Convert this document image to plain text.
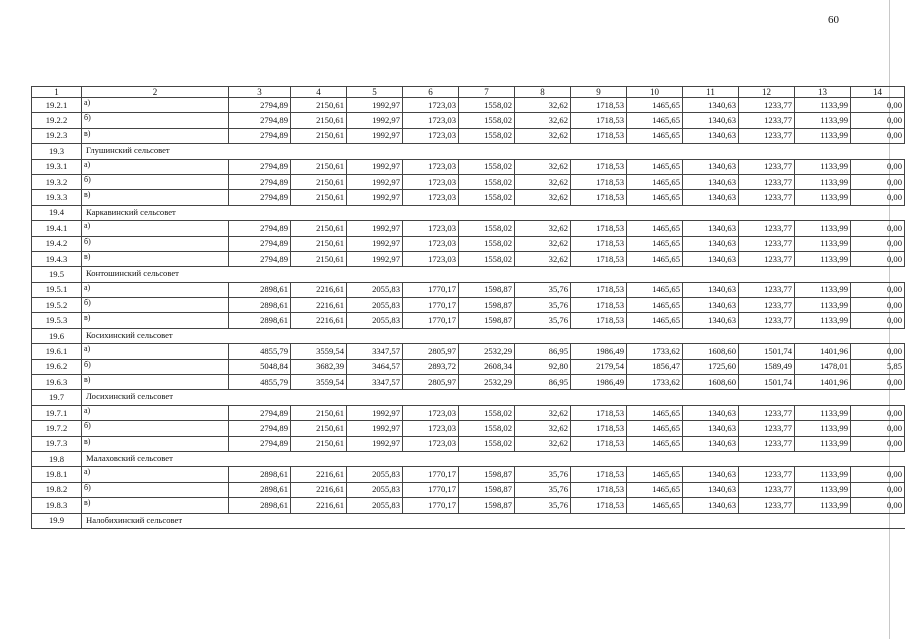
60
1	2	3	4	5	6	7	8	9	10	11	12	13	14
19.2.1	а)	2794,89	2150,61	1992,97	1723,03	1558,02	32,62	1718,53	1465,65	1340,63	1233,77	1133,99	0,00
19.2.2	б)	2794,89	2150,61	1992,97	1723,03	1558,02	32,62	1718,53	1465,65	1340,63	1233,77	1133,99	0,00
19.2.3	в)	2794,89	2150,61	1992,97	1723,03	1558,02	32,62	1718,53	1465,65	1340,63	1233,77	1133,99	0,00
19.3	Глушинский сельсовет												
19.3.1	а)	2794,89	2150,61	1992,97	1723,03	1558,02	32,62	1718,53	1465,65	1340,63	1233,77	1133,99	0,00
19.3.2	б)	2794,89	2150,61	1992,97	1723,03	1558,02	32,62	1718,53	1465,65	1340,63	1233,77	1133,99	0,00
19.3.3	в)	2794,89	2150,61	1992,97	1723,03	1558,02	32,62	1718,53	1465,65	1340,63	1233,77	1133,99	0,00
19.4	Каркавинский сельсовет												
19.4.1	а)	2794,89	2150,61	1992,97	1723,03	1558,02	32,62	1718,53	1465,65	1340,63	1233,77	1133,99	0,00
19.4.2	б)	2794,89	2150,61	1992,97	1723,03	1558,02	32,62	1718,53	1465,65	1340,63	1233,77	1133,99	0,00
19.4.3	в)	2794,89	2150,61	1992,97	1723,03	1558,02	32,62	1718,53	1465,65	1340,63	1233,77	1133,99	0,00
19.5	Контошинский сельсовет												
19.5.1	а)	2898,61	2216,61	2055,83	1770,17	1598,87	35,76	1718,53	1465,65	1340,63	1233,77	1133,99	0,00
19.5.2	б)	2898,61	2216,61	2055,83	1770,17	1598,87	35,76	1718,53	1465,65	1340,63	1233,77	1133,99	0,00
19.5.3	в)	2898,61	2216,61	2055,83	1770,17	1598,87	35,76	1718,53	1465,65	1340,63	1233,77	1133,99	0,00
19.6	Косихинский сельсовет												
19.6.1	а)	4855,79	3559,54	3347,57	2805,97	2532,29	86,95	1986,49	1733,62	1608,60	1501,74	1401,96	0,00
19.6.2	б)	5048,84	3682,39	3464,57	2893,72	2608,34	92,80	2179,54	1856,47	1725,60	1589,49	1478,01	5,85
19.6.3	в)	4855,79	3559,54	3347,57	2805,97	2532,29	86,95	1986,49	1733,62	1608,60	1501,74	1401,96	0,00
19.7	Лосихинский сельсовет												
19.7.1	а)	2794,89	2150,61	1992,97	1723,03	1558,02	32,62	1718,53	1465,65	1340,63	1233,77	1133,99	0,00
19.7.2	б)	2794,89	2150,61	1992,97	1723,03	1558,02	32,62	1718,53	1465,65	1340,63	1233,77	1133,99	0,00
19.7.3	в)	2794,89	2150,61	1992,97	1723,03	1558,02	32,62	1718,53	1465,65	1340,63	1233,77	1133,99	0,00
19.8	Малаховский сельсовет												
19.8.1	а)	2898,61	2216,61	2055,83	1770,17	1598,87	35,76	1718,53	1465,65	1340,63	1233,77	1133,99	0,00
19.8.2	б)	2898,61	2216,61	2055,83	1770,17	1598,87	35,76	1718,53	1465,65	1340,63	1233,77	1133,99	0,00
19.8.3	в)	2898,61	2216,61	2055,83	1770,17	1598,87	35,76	1718,53	1465,65	1340,63	1233,77	1133,99	0,00
19.9	Налобихинский сельсовет												
